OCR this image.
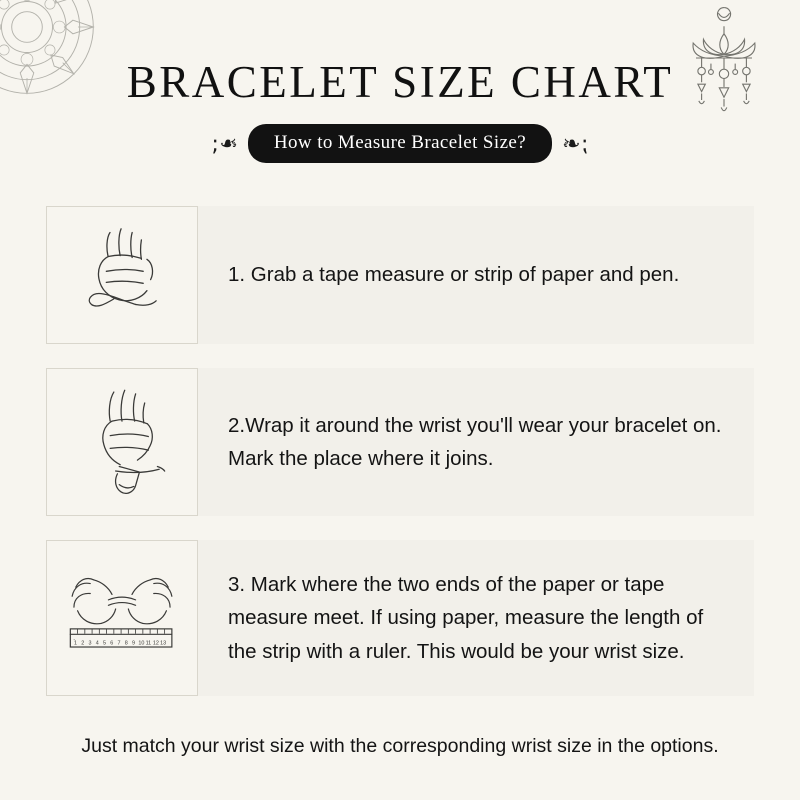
BRACELET SIZE CHART
❧⁏	How to Measure Bracelet Size?	❧⁏
1. Grab a tape measure or strip of paper and pen.
2.Wrap it around the wrist you'll wear your bracelet on. Mark the place where it joins.
1 2 3 4 5 6 7 8 9 10 11 12 13
3. Mark where the two ends of the paper or tape measure meet. If using paper, measure the length of the strip with a ruler. This would be your wrist size.
Just match your wrist size with the corresponding wrist size in the options.
